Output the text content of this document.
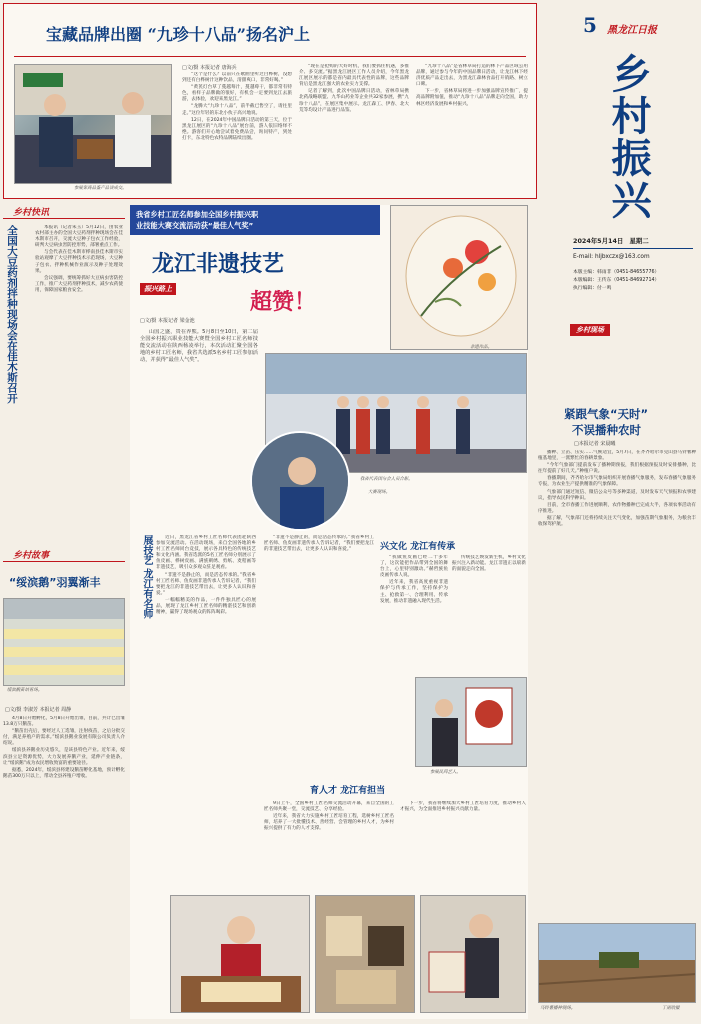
宝藏品牌出圈 “九珍十八品”扬名沪上
参展客商品鉴产品谈成交。
□文/摄 本报记者 唐海兵

“这个是什么？以前只在歌曲里听过白桦树，没想到还有白桦树汁这种饮品，清甜爽口，非常好喝。”

“黄芪灯台草了蔓越莓汁，蔓越莓干，都非常有特色，看样子品牌做的很好，有机会一定要到龙江去旅游，去体验，欢迎来黑龙江。”

“龙腾大“九珍十八品”，前半截已售空了，请往里走。”这位年轻的东北小伙子高兴地说。

12日，在2024年中国品牌日活动的第三天，位于黑龙江展区的“九珍十八品”展台前，游人依旧络绎不绝。游客们开心地尝试着免费品尝，询问特产，到处打卡，东北特色农特品牌陆续出圈。

“现在是抢购的大好时机，我们要抓住机遇，多推介、多交流。”据黑龙江展区工作人员介绍，今年黑龙江展区展示的都是省内最具代表性的品牌，这些品牌背后是黑龙江强大的农业实力支撑。

记者了解到，此次中国品牌日活动，省林草局携北药战略联盟、九华山药业等企业共32家参展，携“九珍十八品”，在展区集中展示。龙江森工、伊春、北大荒等均设计产品进行品鉴。

“九珍十八品”是省林草局打造的林下产品区域公用品牌，通过参与今年的中国品牌日活动，让龙江林下经济优质产品走出去，为黑龙江森林食品打开销路、树立口碑。

下一步，省林草局将进一步加强品牌宣传推广，提高品牌附加值，推动“九珍十八品”品牌走向全国，助力林区经济发展和乡村振兴。

5 黑龙江日报
乡村振兴
2024年5月14日 星期二
E-mail: hljbxczx@163.com
本版主编：韩雨非（0451-84655776）
本版编辑：王传东（0451-84692714）
执行编辑：付一鸣
乡村快讯
全国大豆药剂拌种现场会在佳木斯召开	本报讯（记者朱玉）5月12日，由农业农村部主办的全国大豆药剂拌种现场会在佳木斯市召开，交流大豆种子包衣工作经验，研判大豆病虫害防控形势，部署重点工作。

与会代表在佳木斯市桦南县佳木斯市实验站观摩了大豆拌种技术示范现场，大豆种子包衣、拌种机械作业演示及种子处理效果。

会议强调，要统筹抓好大豆病虫害防控工作，推广大豆药剂拌种技术，减少农药使用，保障国家粮食安全。

乡村故事
“绥滨鹅”羽翼渐丰
绥滨鹅苗培育场。
□文/摄 李淑芳 本报记者 周静

4月8日开始孵化，5月8日开始出雏，目前，共计已出雏13.8万只鹅苗。

“鹅苗出壳后，要经过人工选雏，注射疫苗，之后分批交付，满足养殖户的需求。”绥滨县鹅业发展有限公司负责人介绍说。

绥滨县养鹅业历史悠久，是该县特色产业。近年来，绥滨县立足资源优势，大力发展养鹅产业，延伸产业链条，让“绥滨鹅”成为农民增收致富的重要途径。

据悉，2024年，绥滨县将建设鹅苗孵化基地，预计孵化鹅苗300万只以上，带动全县养殖户增收。

我省乡村工匠名师参加全国乡村振兴职
业技能大赛交流活动获“最佳人气奖”
振兴路上
龙江非遗技艺
超赞！
□文/摄 本报记者 梁金池
非遗作品。

山国之盛，贵在养熊。5月8日至10日，第二届全国乡村振兴职业技能大赛暨全国乡村工匠名师技能交流活动在陕西杨凌举行，本次活动汇聚全国各地的乡村工匠名师，我省共选派5名乡村工匠参加活动，并获得“最佳人气奖”。

我省代表团与会人员合影。
大赛现场。
展技艺 龙江有名师	近日，黑龙江省乡村工匠名师代表团赴陕西参加交流活动。在活动现场，来自全国各地的乡村工匠名师同台竞技，展示各具特色的传统技艺和文化内涵。我省选派的5名工匠名师分别展示了鱼皮画、桦树皮画、满族刺绣、剪纸、麦秸画等非遗技艺，吸引众多观众驻足观看。

“非遗不是静止的，而是活态传承的。”我省乡村工匠名师、鱼皮画非遗传承人告诉记者，“我们要把龙江的非遗技艺带出去，让更多人认识和喜爱。”

一幅幅精美的作品，一件件独具匠心的展品，展现了龙江乡村工匠名师的精湛技艺和创新精神，赢得了现场观众的阵阵喝彩。

“非遗不是静止的，而是活态传承的。”我省乡村工匠名师、鱼皮画非遗传承人告诉记者，“我们要把龙江的非遗技艺带出去，让更多人认识和喜爱。”	兴文化 龙江有传承

“我做鱼皮画已经二十多年了，这次能把作品带到全国的舞台上，心里特别激动。”赫哲族鱼皮画传承人说。

近年来，我省高度重视非遗保护与传承工作，坚持保护为主、抢救第一、合理利用、传承发展，推动非遗融入现代生活。

传统技艺焕发新生机，乡村文化振兴注入新动能。龙江非遗正以崭新的面貌走向全国。

参展民间艺人。
育人才 龙江有担当

9日上午，全国乡村工匠名师交流活动开幕，来自全国的工匠名师共聚一堂，交流技艺、分享经验。

近年来，我省大力实施乡村工匠培育工程，选树乡村工匠名师，培养了一大批懂技术、善经营、会管理的乡村人才，为乡村振兴提供了有力的人才支撑。

下一步，我省将继续加大乡村工匠培育力度，推动乡村人才振兴，为全面推进乡村振兴贡献力量。

乡村现场
紧跟气象“天时”
不误播种农时
□本报记者 宋晨曦

播种、立苗、压实……气候适宜，5月7日，在齐齐哈尔市克山县马铃薯种植基地里，一派繁忙的春耕景象。

“今年气象部门提前发布了播种期预报，我们根据预报及时安排播种，比往年提前了好几天。”种植户说。

春播期间，齐齐哈尔市气象局组织开展春播气象服务，发布春播气象服务专报，为农业生产提供精准的气象保障。

气象部门通过短信、微信公众号等多种渠道，及时发布天气预报和农事建议，指导农民科学种田。

目前，全市春播工作进展顺利，农作物播种已完成大半，各项农事活动有序推进。

据了解，气象部门还将持续关注天气变化，加强苗期气象服务，为粮食丰收保驾护航。

马铃薯播种现场。	丁雨欣摄
